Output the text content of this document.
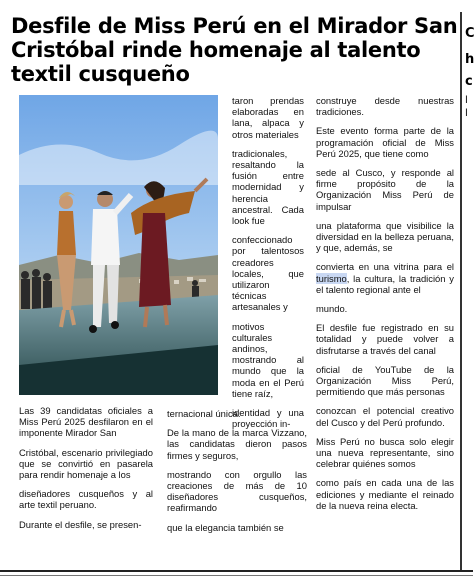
Desfile de Miss Perú en el Mirador San Cristóbal rinde homenaje al talento textil cusqueño

Las 39 candidatas oficiales a Miss Perú 2025 desfilaron en el imponente Mirador San

Cristóbal, escenario privilegiado que se convirtió en pasarela para rendir homenaje a los

diseñadores cusqueños y al arte textil peruano.

Durante el desfile, se presen-

taron prendas elaboradas en lana, alpaca y otros materiales

tradicionales, resaltando la fusión entre modernidad y herencia ancestral. Cada look fue

confeccionado por talentosos creadores locales, que utilizaron técnicas artesanales y

motivos culturales andinos, mostrando al mundo que la moda en el Perú tiene raíz,

identidad y una proyección in-

ternacional única.

De la mano de la marca Vizzano, las candidatas dieron pasos firmes y seguros,

mostrando con orgullo las creaciones de más de 10 diseñadores cusqueños, reafirmando

que la elegancia también se

construye desde nuestras tradiciones.

Este evento forma parte de la programación oficial de Miss Perú 2025, que tiene como

sede al Cusco, y responde al firme propósito de la Organización Miss Perú de impulsar

una plataforma que visibilice la diversidad en la belleza peruana, y que, además, se

convierta en una vitrina para el turismo, la cultura, la tradición y el talento regional ante el

mundo.

El desfile fue registrado en su totalidad y puede volver a disfrutarse a través del canal

oficial de YouTube de la Organización Miss Perú, permitiendo que más personas

conozcan el potencial creativo del Cusco y del Perú profundo.

Miss Perú no busca solo elegir una nueva representante, sino celebrar quiénes somos

como país en cada una de las ediciones y mediante el reinado de la nueva reina electa.

C
h
c
l
l
